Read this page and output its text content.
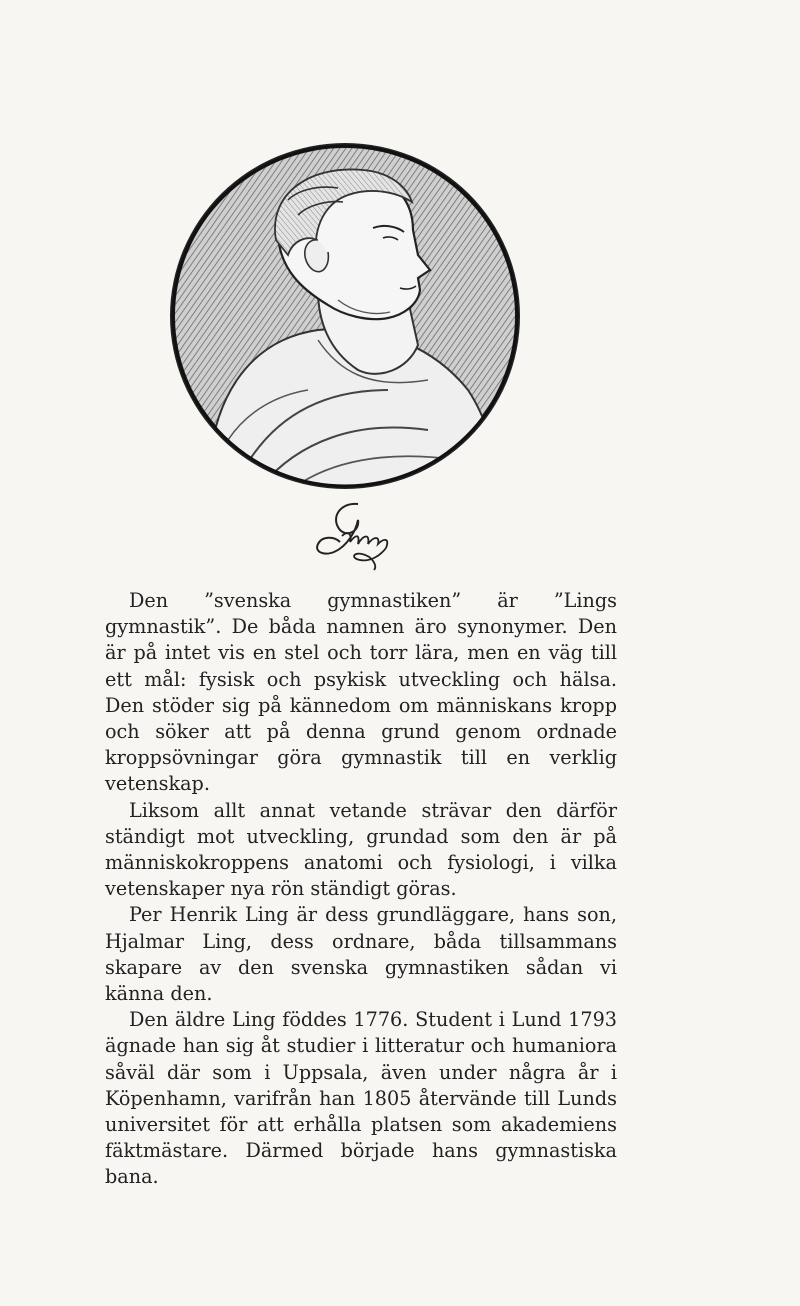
Den ”svenska gymnastiken” är ”Lings gymnastik”. De båda namnen äro synonymer. Den är på intet vis en stel och torr lära, men en väg till ett mål: fysisk och psykisk utveckling och hälsa. Den stöder sig på kännedom om människans kropp och söker att på denna grund genom ordnade kroppsövningar göra gymnastik till en verklig vetenskap.

Liksom allt annat vetande strävar den därför ständigt mot utveckling, grundad som den är på människokroppens anatomi och fysiologi, i vilka vetenskaper nya rön ständigt göras.

Per Henrik Ling är dess grundläggare, hans son, Hjalmar Ling, dess ordnare, båda tillsammans skapare av den svenska gymnastiken sådan vi känna den.

Den äldre Ling föddes 1776. Student i Lund 1793 ägnade han sig åt studier i litteratur och humaniora såväl där som i Uppsala, även under några år i Köpenhamn, varifrån han 1805 återvände till Lunds universitet för att erhålla platsen som akademiens fäktmästare. Därmed började hans gymnastiska bana.
